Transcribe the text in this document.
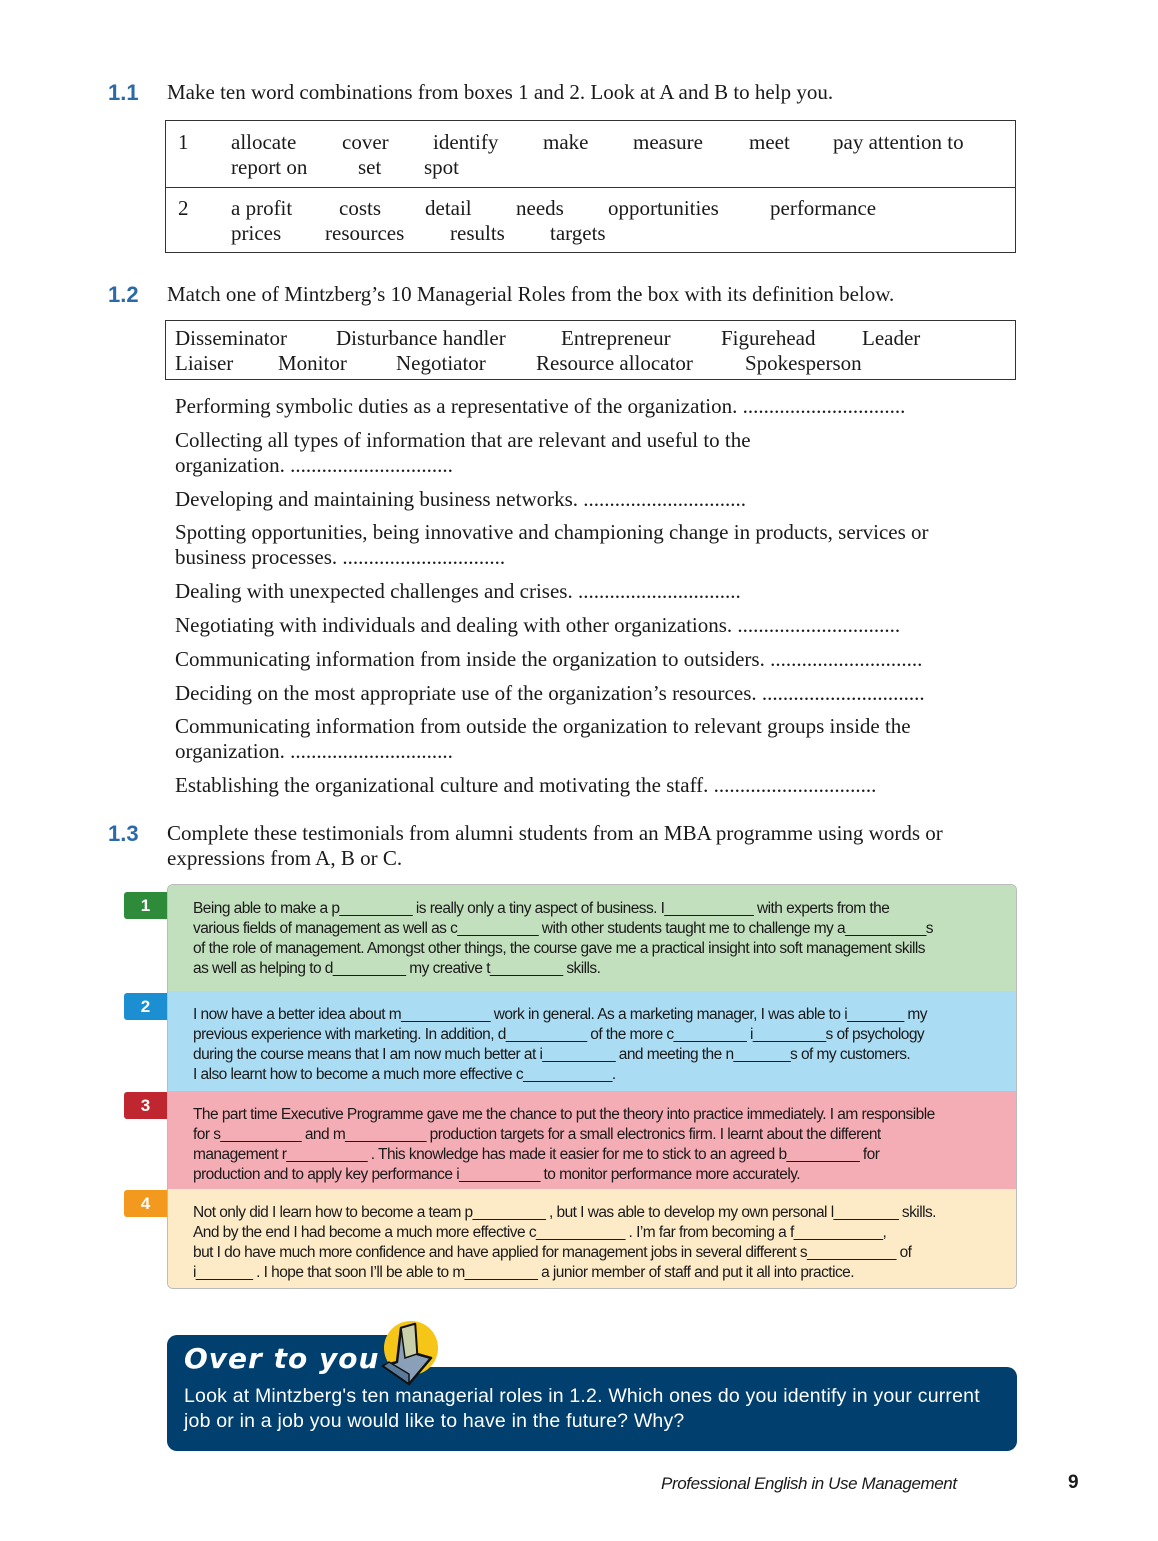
1.1 Make ten word combinations from boxes 1 and 2. Look at A and B to help you.
1 allocate cover identify make measure meet pay attention to
report on set spot
2 a profit costs detail needs opportunities performance
prices resources results targets
1.2 Match one of Mintzberg’s 10 Managerial Roles from the box with its definition below.
Disseminator Disturbance handler	Entrepreneur Figurehead Leader
Liaiser Monitor Negotiator Resource allocator Spokesperson
Performing symbolic duties as a representative of the organization. ...............................
Collecting all types of information that are relevant and useful to the
organization. ...............................
Developing and maintaining business networks. ...............................
Spotting opportunities, being innovative and championing change in products, services or
business processes. ...............................
Dealing with unexpected challenges and crises. ...............................
Negotiating with individuals and dealing with other organizations. ...............................
Communicating information from inside the organization to outsiders. .............................
Deciding on the most appropriate use of the organization’s resources. ...............................
Communicating information from outside the organization to relevant groups inside the
organization. ...............................
Establishing the organizational culture and motivating the staff. ...............................
1.3 Complete these testimonials from alumni students from an MBA programme using words or
expressions from A, B or C.
Being able to make a p_________ is really only a tiny aspect of business. I___________ with experts from the
various fields of management as well as c__________ with other students taught me to challenge my a__________s
of the role of management. Amongst other things, the course gave me a practical insight into soft management skills
as well as helping to d_________ my creative t_________ skills.
I now have a better idea about m___________ work in general. As a marketing manager, I was able to i_______ my
previous experience with marketing. In addition, d__________ of the more c_________ i_________s of psychology
during the course means that I am now much better at i_________ and meeting the n_______s of my customers.
I also learnt how to become a much more effective c___________.
The part time Executive Programme gave me the chance to put the theory into practice immediately. I am responsible
for s__________ and m__________ production targets for a small electronics firm. I learnt about the different
management r__________ . This knowledge has made it easier for me to stick to an agreed b_________ for
production and to apply key performance i__________ to monitor performance more accurately.
Not only did I learn how to become a team p_________ , but I was able to develop my own personal l________ skills.
And by the end I had become a much more effective c___________ . I’m far from becoming a f___________,
but I do have much more confidence and have applied for management jobs in several different s___________ of
i_______ . I hope that soon I’ll be able to m_________ a junior member of staff and put it all into practice.
1
2
3
4
Over to you
Look at Mintzberg's ten managerial roles in 1.2. Which ones do you identify in your current
job or in a job you would like to have in the future? Why?
Professional English in Use Management	9
